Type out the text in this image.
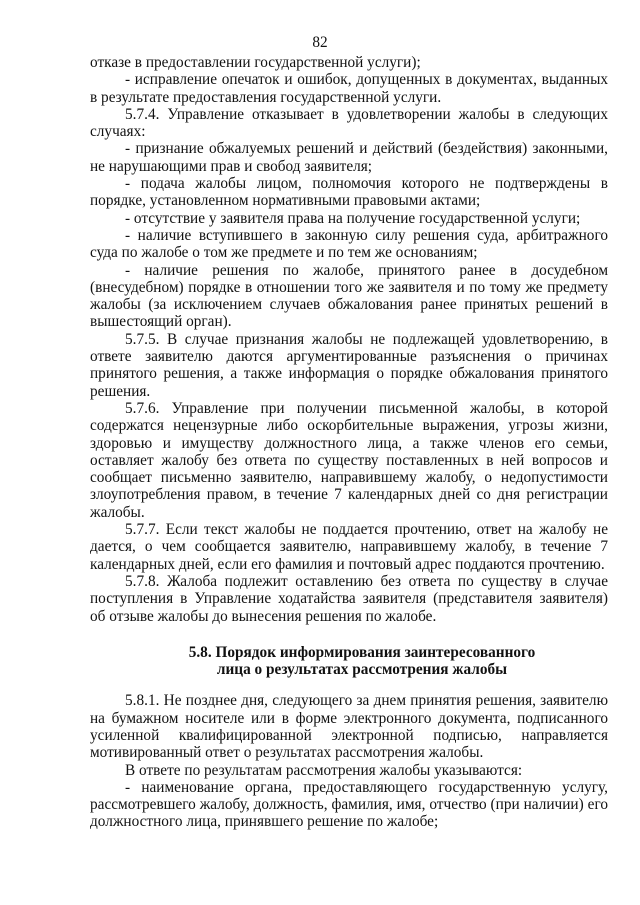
82

отказе в предоставлении государственной услуги);

- исправление опечаток и ошибок, допущенных в документах, выданных в результате предоставления государственной услуги.

5.7.4. Управление отказывает в удовлетворении жалобы в следующих случаях:

- признание обжалуемых решений и действий (бездействия) законными, не нарушающими прав и свобод заявителя;

- подача жалобы лицом, полномочия которого не подтверждены в порядке, установленном нормативными правовыми актами;

- отсутствие у заявителя права на получение государственной услуги;

- наличие вступившего в законную силу решения суда, арбитражного суда по жалобе о том же предмете и по тем же основаниям;

- наличие решения по жалобе, принятого ранее в досудебном (внесудебном) порядке в отношении того же заявителя и по тому же предмету жалобы (за исключением случаев обжалования ранее принятых решений в вышестоящий орган).

5.7.5. В случае признания жалобы не подлежащей удовлетворению, в ответе заявителю даются аргументированные разъяснения о причинах принятого решения, а также информация о порядке обжалования принятого решения.

5.7.6. Управление при получении письменной жалобы, в которой содержатся нецензурные либо оскорбительные выражения, угрозы жизни, здоровью и имуществу должностного лица, а также членов его семьи, оставляет жалобу без ответа по существу поставленных в ней вопросов и сообщает письменно заявителю, направившему жалобу, о недопустимости злоупотребления правом, в течение 7 календарных дней со дня регистрации жалобы.

5.7.7. Если текст жалобы не поддается прочтению, ответ на жалобу не дается, о чем сообщается заявителю, направившему жалобу, в течение 7 календарных дней, если его фамилия и почтовый адрес поддаются прочтению.

5.7.8. Жалоба подлежит оставлению без ответа по существу в случае поступления в Управление ходатайства заявителя (представителя заявителя) об отзыве жалобы до вынесения решения по жалобе.

5.8. Порядок информирования заинтересованного
лица о результатах рассмотрения жалобы

5.8.1. Не позднее дня, следующего за днем принятия решения, заявителю на бумажном носителе или в форме электронного документа, подписанного усиленной квалифицированной электронной подписью, направляется мотивированный ответ о результатах рассмотрения жалобы.

В ответе по результатам рассмотрения жалобы указываются:

- наименование органа, предоставляющего государственную услугу, рассмотревшего жалобу, должность, фамилия, имя, отчество (при наличии) его должностного лица, принявшего решение по жалобе;
